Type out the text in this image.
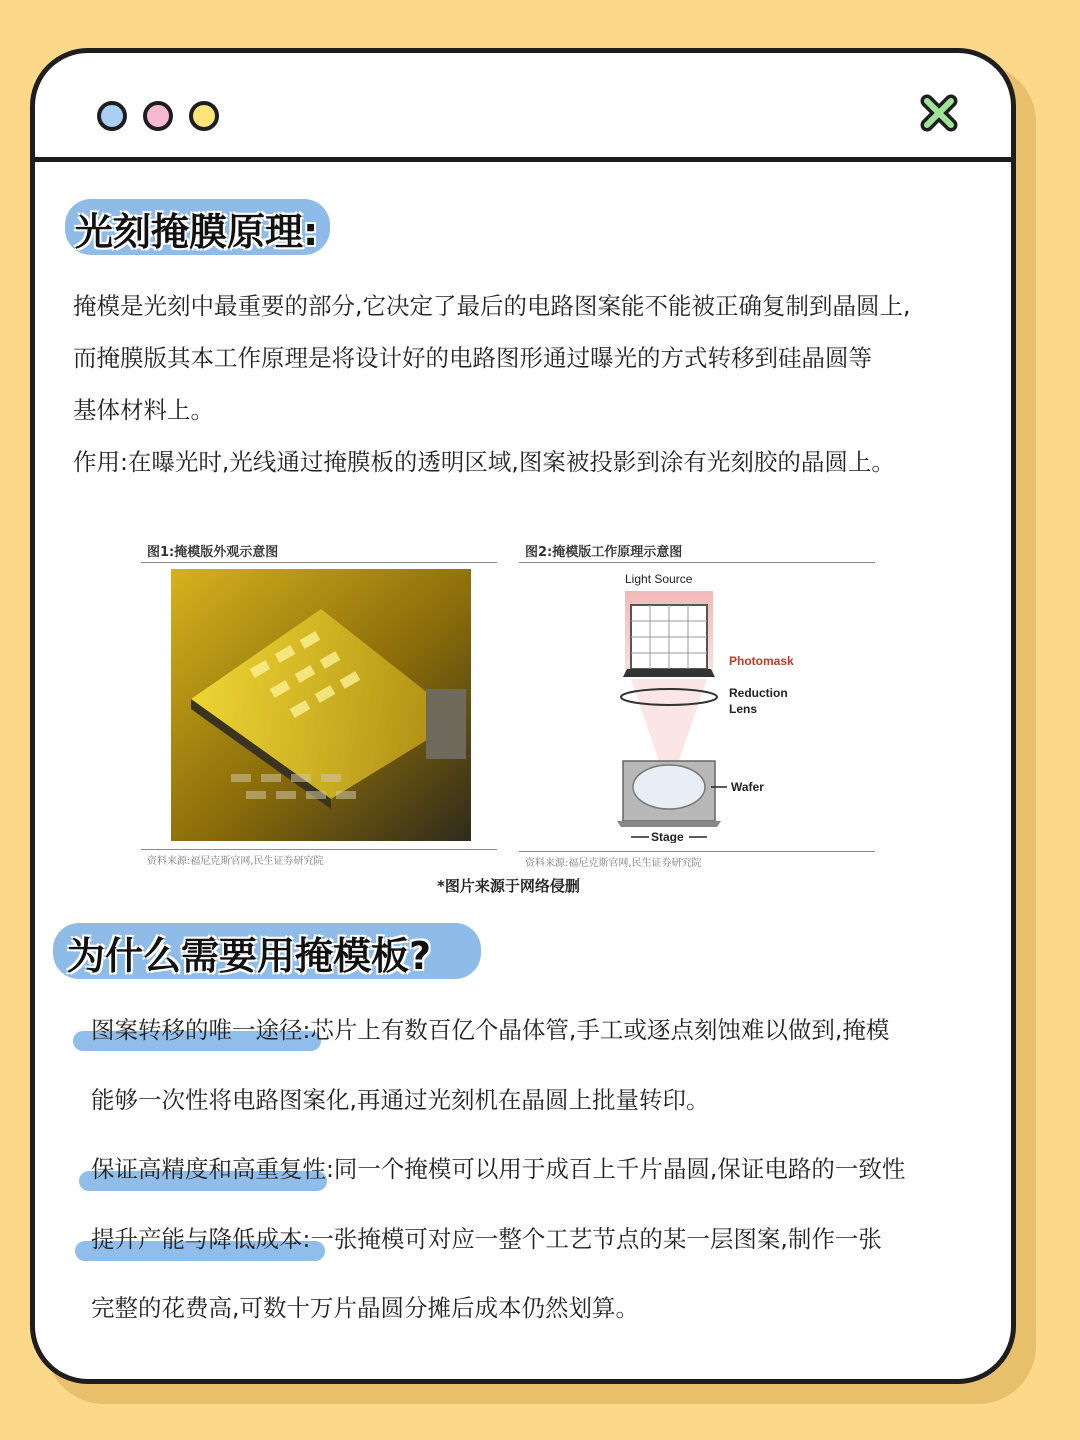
光刻掩膜原理:

掩模是光刻中最重要的部分,它决定了最后的电路图案能不能被正确复制到晶圆上,

而掩膜版其本工作原理是将设计好的电路图形通过曝光的方式转移到硅晶圆等

基体材料上。

作用:在曝光时,光线通过掩膜板的透明区域,图案被投影到涂有光刻胶的晶圆上。

图1:掩模版外观示意图
资料来源:福尼克斯官网,民生证券研究院
图2:掩模版工作原理示意图
Light Source
Photomask
Reduction
Lens
Wafer
Stage
资料来源:福尼克斯官网,民生证券研究院
*图片来源于网络侵删
为什么需要用掩模板?

图案转移的唯一途径:芯片上有数百亿个晶体管,手工或逐点刻蚀难以做到,掩模

能够一次性将电路图案化,再通过光刻机在晶圆上批量转印。

保证高精度和高重复性:同一个掩模可以用于成百上千片晶圆,保证电路的一致性

提升产能与降低成本:一张掩模可对应一整个工艺节点的某一层图案,制作一张

完整的花费高,可数十万片晶圆分摊后成本仍然划算。
